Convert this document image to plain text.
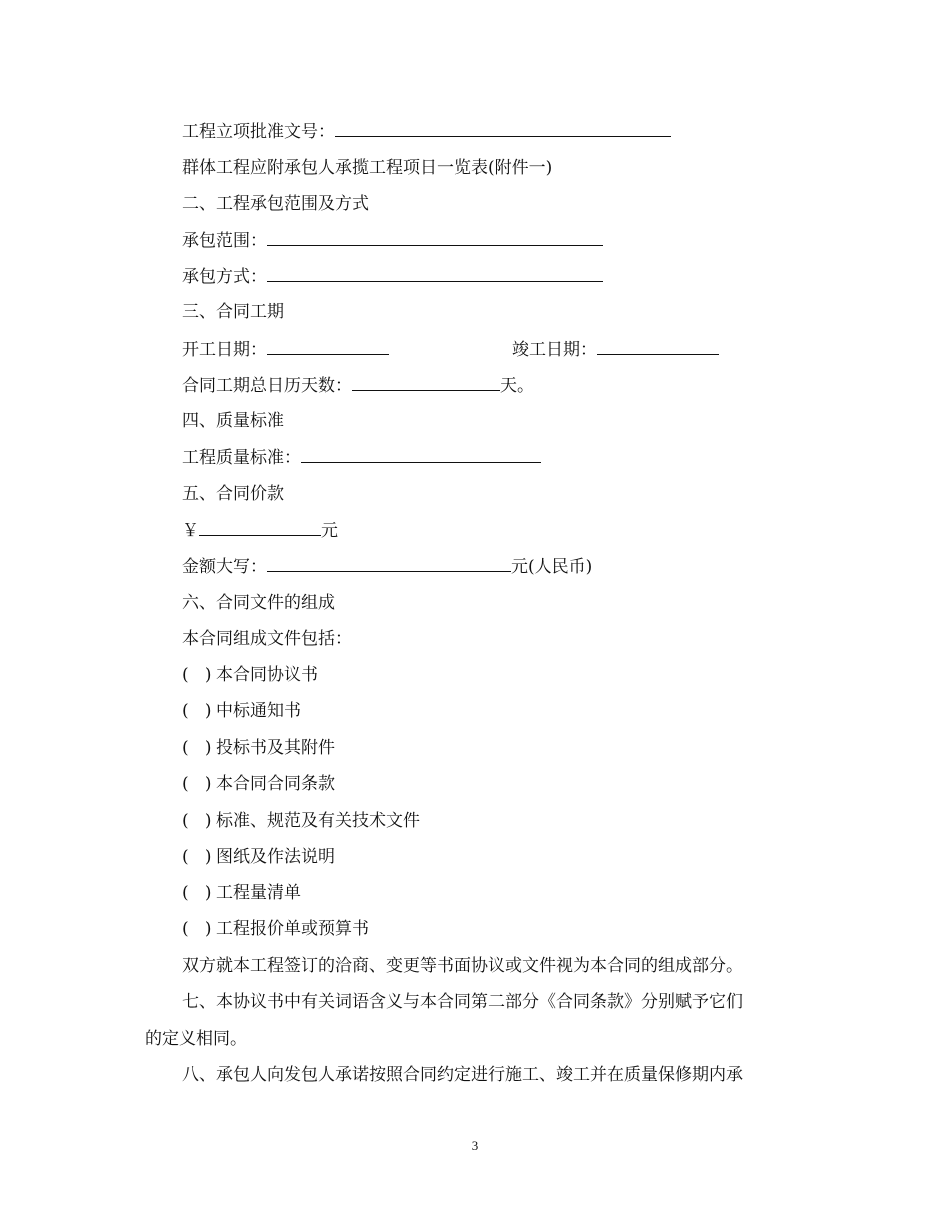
工程立项批准文号：
群体工程应附承包人承揽工程项日一览表(附件一)
二、工程承包范围及方式
承包范围：
承包方式：
三、合同工期
开工日期：	竣工日期：
合同工期总日历天数：	天。
四、质量标准
工程质量标准：
五、合同价款
￥	元
金额大写：	元(人民币)
六、合同文件的组成
本合同组成文件包括：
( ) 本合同协议书
( ) 中标通知书
( ) 投标书及其附件
( ) 本合同合同条款
( ) 标准、规范及有关技术文件
( ) 图纸及作法说明
( ) 工程量清单
( ) 工程报价单或预算书
双方就本工程签订的洽商、变更等书面协议或文件视为本合同的组成部分。
七、本协议书中有关词语含义与本合同第二部分《合同条款》分别赋予它们
的定义相同。
八、承包人向发包人承诺按照合同约定进行施工、竣工并在质量保修期内承
3
